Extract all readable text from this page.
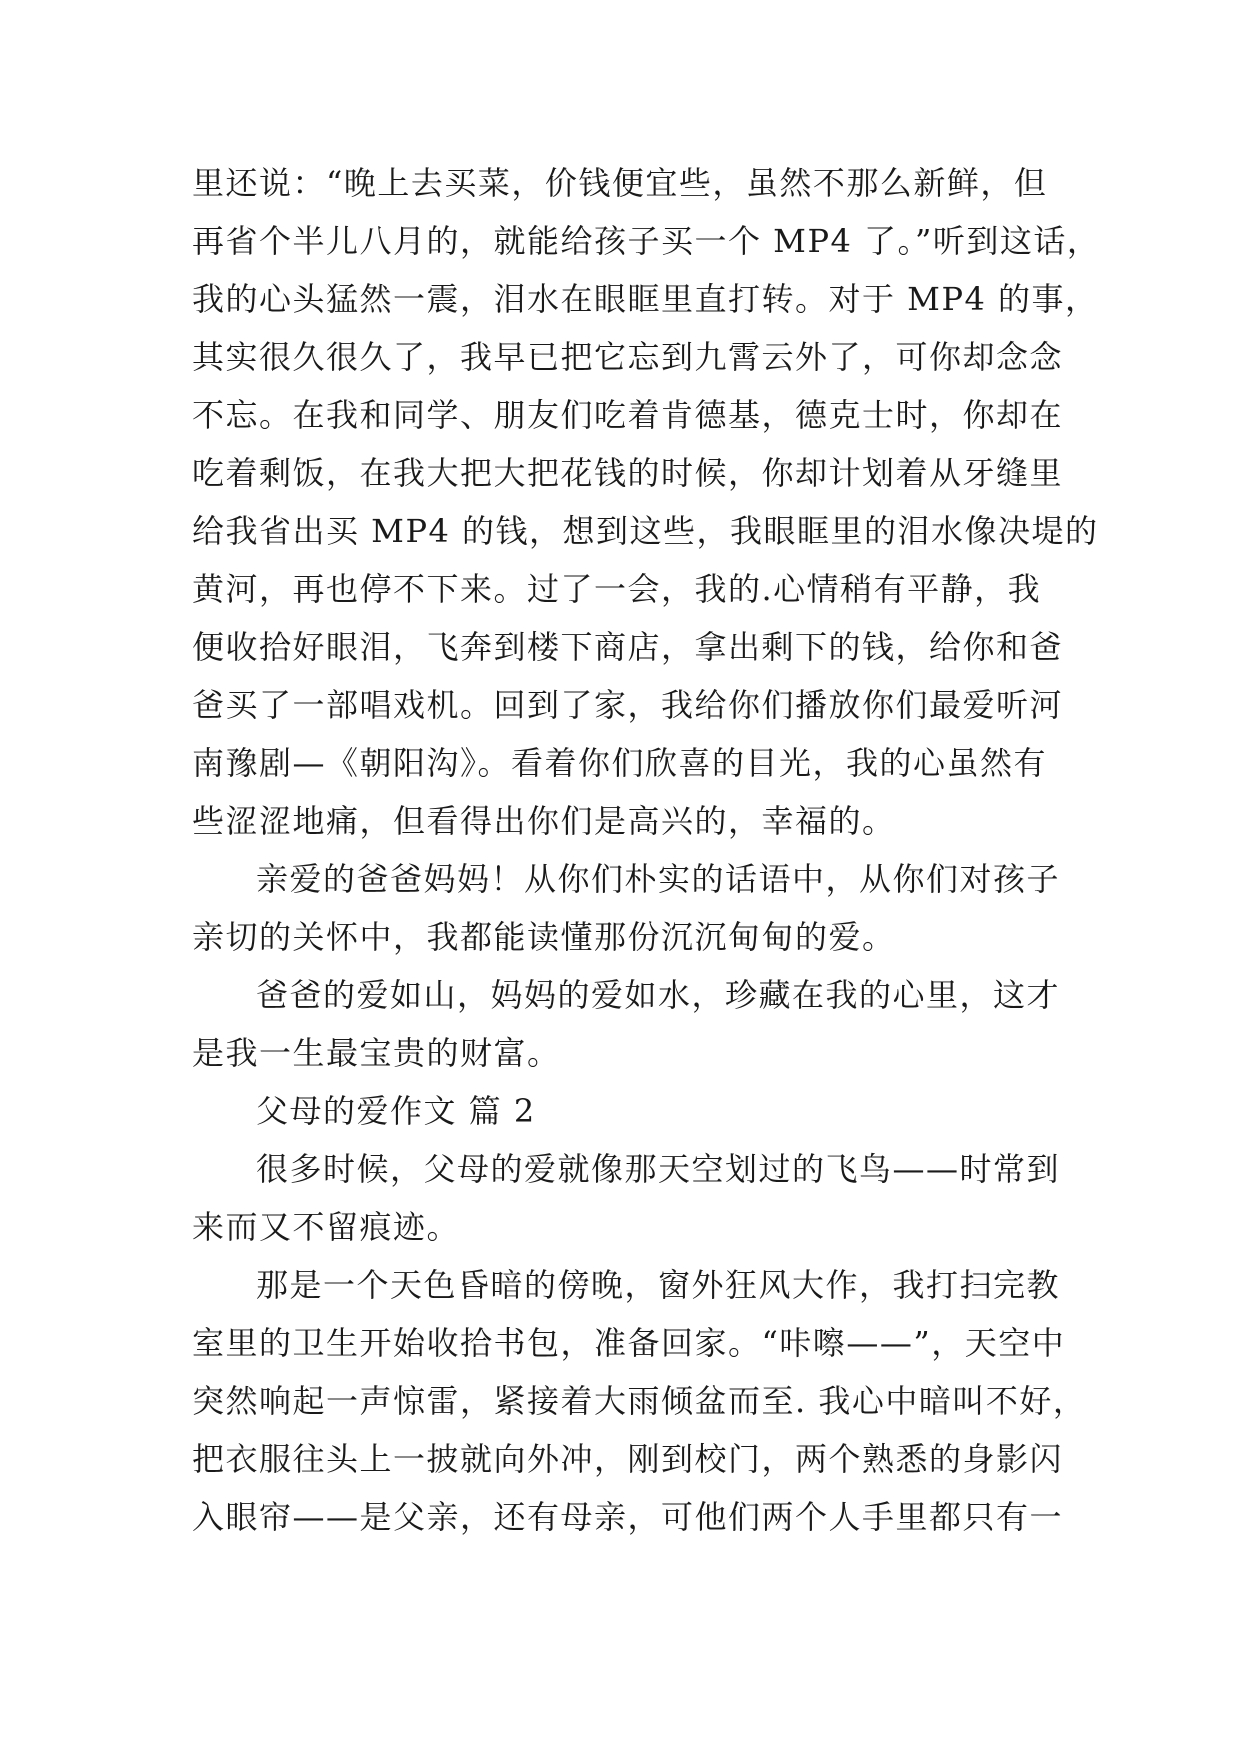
里还说：“晚上去买菜，价钱便宜些，虽然不那么新鲜，但
再省个半儿八月的，就能给孩子买一个 MP4 了。”听到这话，
我的心头猛然一震，泪水在眼眶里直打转。对于 MP4 的事，
其实很久很久了，我早已把它忘到九霄云外了，可你却念念
不忘。在我和同学、朋友们吃着肯德基，德克士时，你却在
吃着剩饭，在我大把大把花钱的时候，你却计划着从牙缝里
给我省出买 MP4 的钱，想到这些，我眼眶里的泪水像决堤的
黄河，再也停不下来。过了一会，我的.心情稍有平静，我
便收拾好眼泪，飞奔到楼下商店，拿出剩下的钱，给你和爸
爸买了一部唱戏机。回到了家，我给你们播放你们最爱听河
南豫剧—《朝阳沟》。看着你们欣喜的目光，我的心虽然有
些涩涩地痛，但看得出你们是高兴的，幸福的。
亲爱的爸爸妈妈！从你们朴实的话语中，从你们对孩子
亲切的关怀中，我都能读懂那份沉沉甸甸的爱。
爸爸的爱如山，妈妈的爱如水，珍藏在我的心里，这才
是我一生最宝贵的财富。
父母的爱作文 篇 2
很多时候，父母的爱就像那天空划过的飞鸟——时常到
来而又不留痕迹。
那是一个天色昏暗的傍晚，窗外狂风大作，我打扫完教
室里的卫生开始收拾书包，准备回家。“咔嚓——”，天空中
突然响起一声惊雷，紧接着大雨倾盆而至. 我心中暗叫不好，
把衣服往头上一披就向外冲，刚到校门，两个熟悉的身影闪
入眼帘——是父亲，还有母亲，可他们两个人手里都只有一
